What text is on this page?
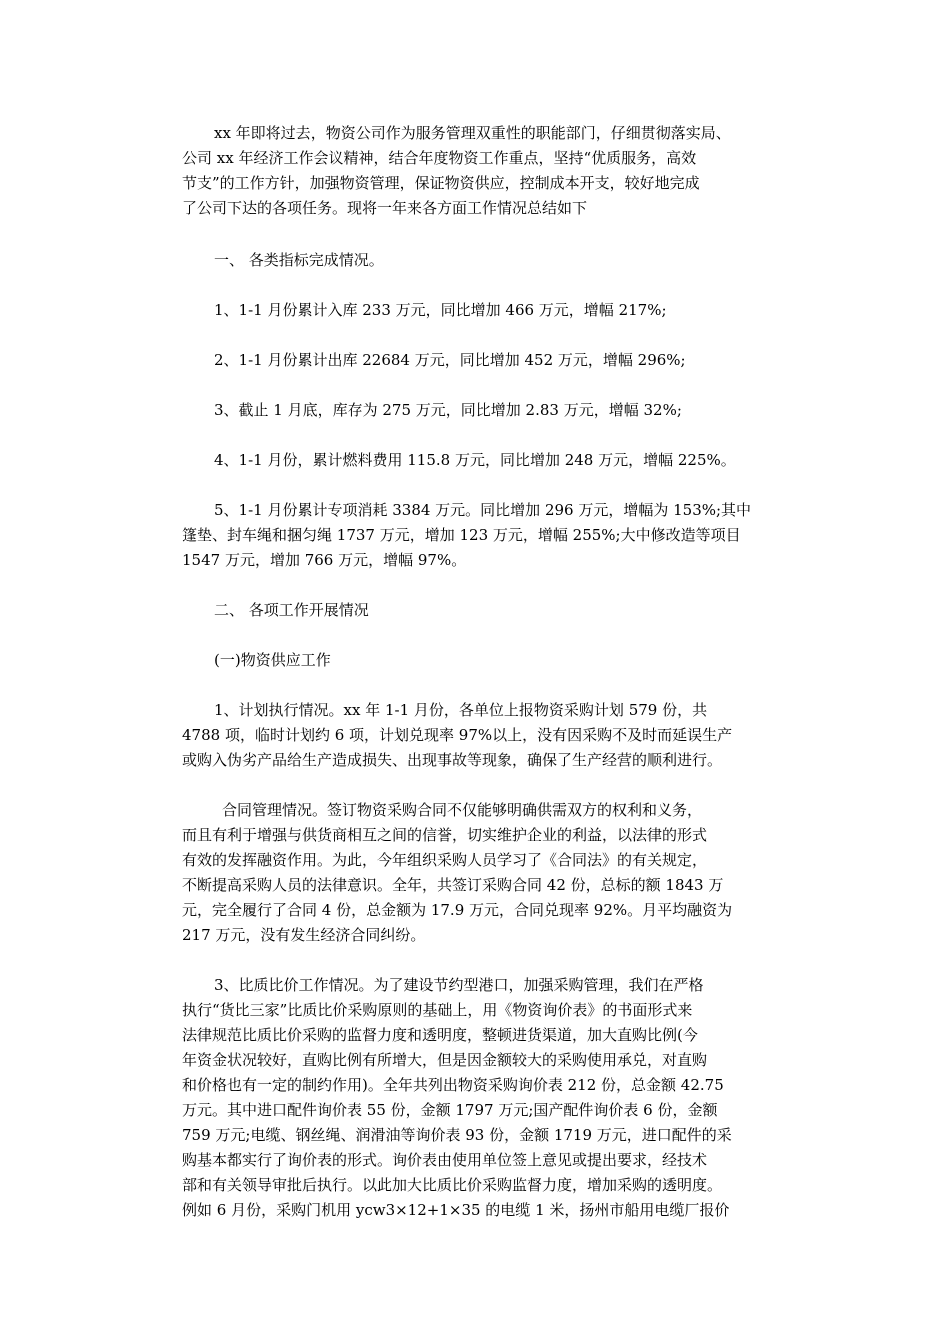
xx 年即将过去，物资公司作为服务管理双重性的职能部门，仔细贯彻落实局、
公司 xx 年经济工作会议精神，结合年度物资工作重点，坚持“优质服务，高效
节支”的工作方针，加强物资管理，保证物资供应，控制成本开支，较好地完成
了公司下达的各项任务。现将一年来各方面工作情况总结如下
一、 各类指标完成情况。
1、1-1 月份累计入库 233 万元，同比增加 466 万元，增幅 217%;
2、1-1 月份累计出库 22684 万元，同比增加 452 万元，增幅 296%;
3、截止 1 月底，库存为 275 万元，同比增加 2.83 万元，增幅 32%;
4、1-1 月份，累计燃料费用 115.8 万元，同比增加 248 万元，增幅 225%。
5、1-1 月份累计专项消耗 3384 万元。同比增加 296 万元，增幅为 153%;其中
篷垫、封车绳和捆匀绳 1737 万元，增加 123 万元，增幅 255%;大中修改造等项目
1547 万元，增加 766 万元，增幅 97%。
二、 各项工作开展情况
(一)物资供应工作
1、计划执行情况。xx 年 1-1 月份，各单位上报物资采购计划 579 份，共
4788 项，临时计划约 6 项，计划兑现率 97%以上，没有因采购不及时而延误生产
或购入伪劣产品给生产造成损失、出现事故等现象，确保了生产经营的顺利进行。
合同管理情况。签订物资采购合同不仅能够明确供需双方的权利和义务，
而且有利于增强与供货商相互之间的信誉，切实维护企业的利益，以法律的形式
有效的发挥融资作用。为此，今年组织采购人员学习了《合同法》的有关规定，
不断提高采购人员的法律意识。全年，共签订采购合同 42 份，总标的额 1843 万
元，完全履行了合同 4 份，总金额为 17.9 万元，合同兑现率 92%。月平均融资为
217 万元，没有发生经济合同纠纷。
3、比质比价工作情况。为了建设节约型港口，加强采购管理，我们在严格
执行“货比三家”比质比价采购原则的基础上，用《物资询价表》的书面形式来
法律规范比质比价采购的监督力度和透明度，整顿进货渠道，加大直购比例(今
年资金状况较好，直购比例有所增大，但是因金额较大的采购使用承兑，对直购
和价格也有一定的制约作用)。全年共列出物资采购询价表 212 份，总金额 42.75
万元。其中进口配件询价表 55 份，金额 1797 万元;国产配件询价表 6 份，金额
759 万元;电缆、钢丝绳、润滑油等询价表 93 份，金额 1719 万元，进口配件的采
购基本都实行了询价表的形式。询价表由使用单位签上意见或提出要求，经技术
部和有关领导审批后执行。以此加大比质比价采购监督力度，增加采购的透明度。
例如 6 月份，采购门机用 ycw3×12+1×35 的电缆 1 米，扬州市船用电缆厂报价
